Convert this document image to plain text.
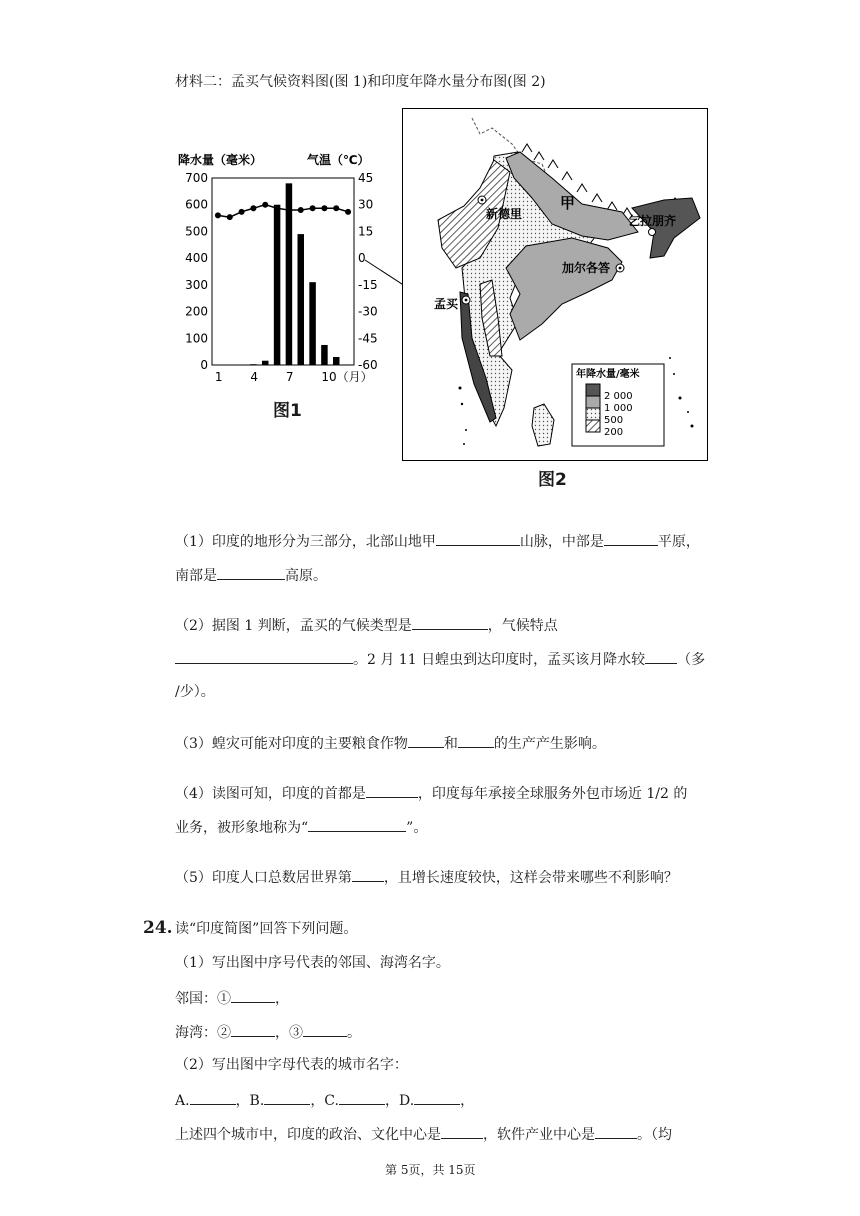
材料二：孟买气候资料图(图 1)和印度年降水量分布图(图 2)
降水量（毫米）	气温（℃）
700
600
500
400
300
200
100
0
45
30
15
0
-15
-30
-45
-60
1 4 7 10（月）
图1
新德里
孟买
加尔各答
乞拉朋齐
甲
年降水量/毫米
2 000
1 000
500
200
图2
（1）印度的地形分为三部分，北部山地甲	山脉，中部是	平原，
南部是	高原。
（2）据图 1 判断，孟买的气候类型是	，气候特点
。2 月 11 日蝗虫到达印度时，孟买该月降水较 （多
/少）。
（3）蝗灾可能对印度的主要粮食作物	和	的生产产生影响。
（4）读图可知，印度的首都是	，印度每年承接全球服务外包市场近 1/2 的
业务，被形象地称为“	”。
（5）印度人口总数居世界第 ，且增长速度较快，这样会带来哪些不利影响？
24. 读“印度简图”回答下列问题。
（1）写出图中序号代表的邻国、海湾名字。
邻国：①	，
海湾：②	，③	。
（2）写出图中字母代表的城市名字：
A.	，B.	，C.	，D.	，
上述四个城市中，印度的政治、文化中心是	，软件产业中心是	。（均
第 5页，共 15页
